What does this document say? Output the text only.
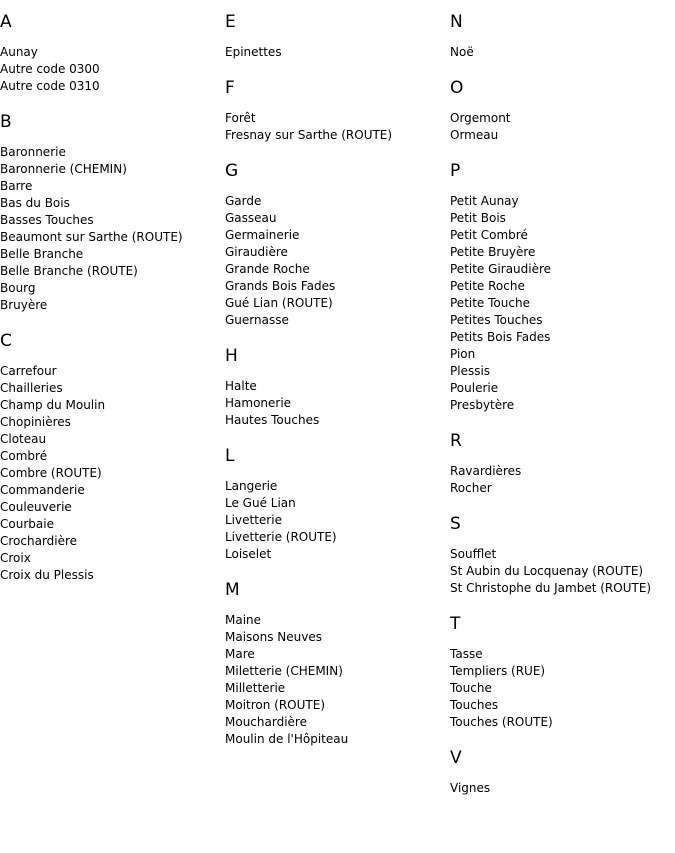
A
Aunay
Autre code 0300
Autre code 0310
B
Baronnerie
Baronnerie (CHEMIN)
Barre
Bas du Bois
Basses Touches
Beaumont sur Sarthe (ROUTE)
Belle Branche
Belle Branche (ROUTE)
Bourg
Bruyère
C
Carrefour
Chailleries
Champ du Moulin
Chopinières
Cloteau
Combré
Combre (ROUTE)
Commanderie
Couleuverie
Courbaie
Crochardière
Croix
Croix du Plessis
E
Epinettes
F
Forêt
Fresnay sur Sarthe (ROUTE)
G
Garde
Gasseau
Germainerie
Giraudière
Grande Roche
Grands Bois Fades
Gué Lian (ROUTE)
Guernasse
H
Halte
Hamonerie
Hautes Touches
L
Langerie
Le Gué Lian
Livetterie
Livetterie (ROUTE)
Loiselet
M
Maine
Maisons Neuves
Mare
Miletterie (CHEMIN)
Milletterie
Moitron (ROUTE)
Mouchardière
Moulin de l'Hôpiteau
N
Noë
O
Orgemont
Ormeau
P
Petit Aunay
Petit Bois
Petit Combré
Petite Bruyère
Petite Giraudière
Petite Roche
Petite Touche
Petites Touches
Petits Bois Fades
Pion
Plessis
Poulerie
Presbytère
R
Ravardières
Rocher
S
Soufflet
St Aubin du Locquenay (ROUTE)
St Christophe du Jambet (ROUTE)
T
Tasse
Templiers (RUE)
Touche
Touches
Touches (ROUTE)
V
Vignes
